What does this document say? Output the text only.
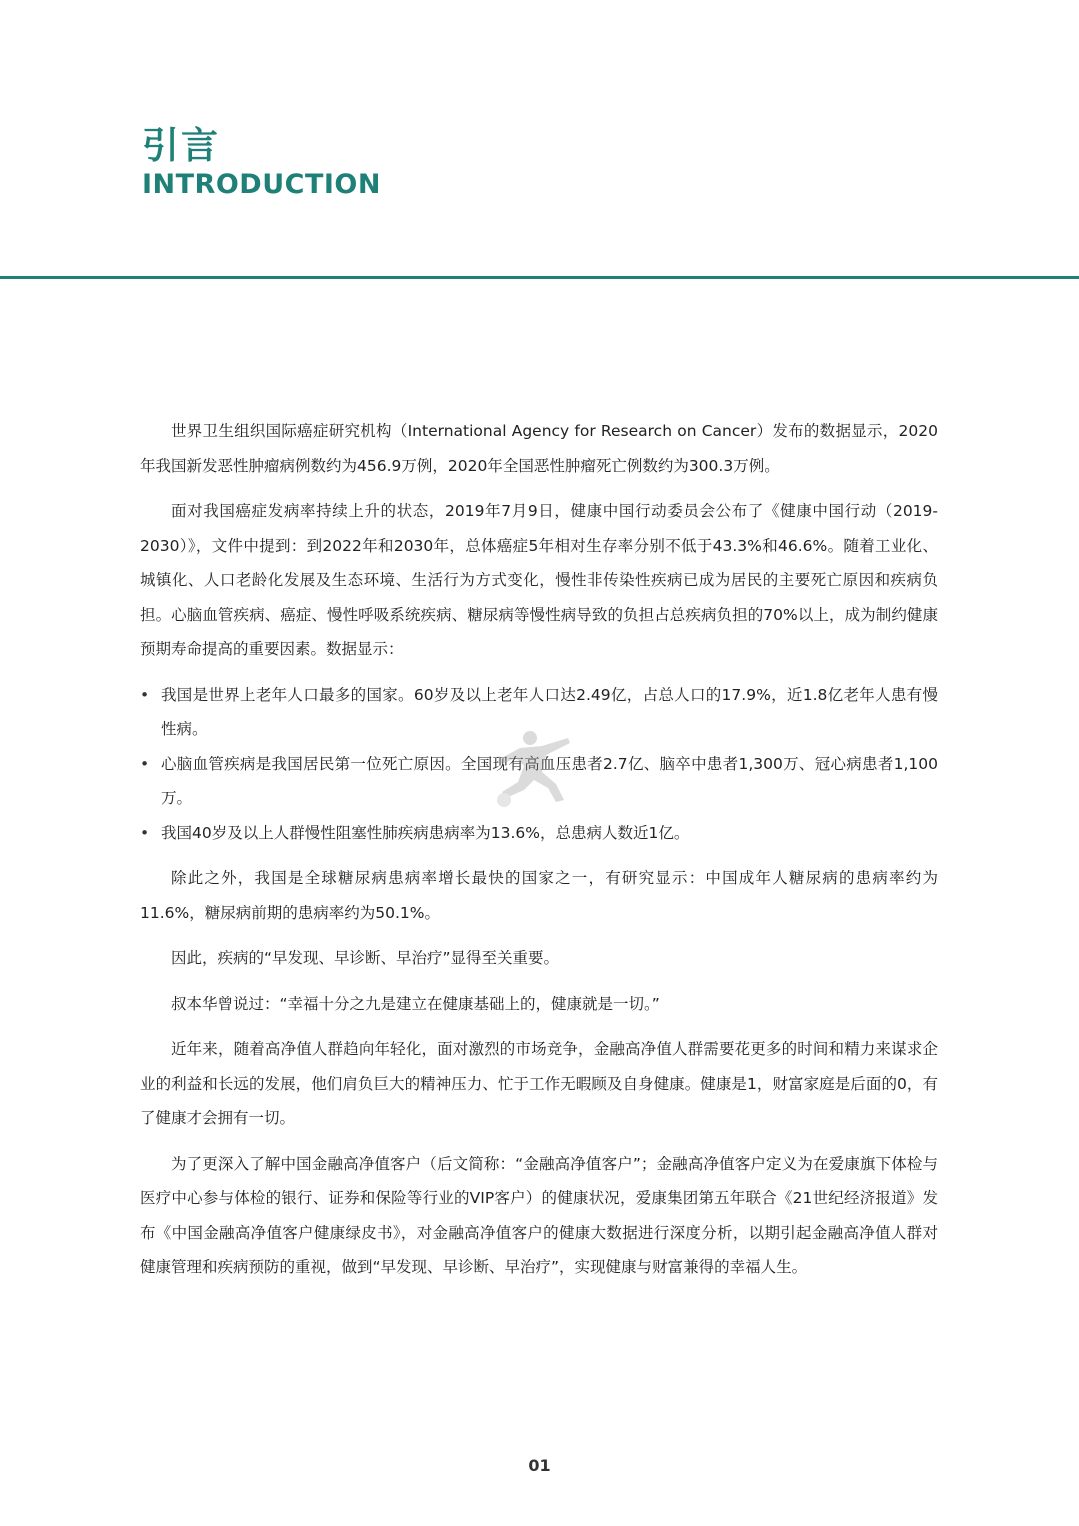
引言
INTRODUCTION

世界卫生组织国际癌症研究机构（International Agency for Research on Cancer）发布的数据显示，2020年我国新发恶性肿瘤病例数约为456.9万例，2020年全国恶性肿瘤死亡例数约为300.3万例。

面对我国癌症发病率持续上升的状态，2019年7月9日，健康中国行动委员会公布了《健康中国行动（2019-2030）》，文件中提到：到2022年和2030年，总体癌症5年相对生存率分别不低于43.3%和46.6%。随着工业化、城镇化、人口老龄化发展及生态环境、生活行为方式变化，慢性非传染性疾病已成为居民的主要死亡原因和疾病负担。心脑血管疾病、癌症、慢性呼吸系统疾病、糖尿病等慢性病导致的负担占总疾病负担的70%以上，成为制约健康预期寿命提高的重要因素。数据显示：

• 我国是世界上老年人口最多的国家。60岁及以上老年人口达2.49亿，占总人口的17.9%，近1.8亿老年人患有慢性病。
• 心脑血管疾病是我国居民第一位死亡原因。全国现有高血压患者2.7亿、脑卒中患者1,300万、冠心病患者1,100万。
• 我国40岁及以上人群慢性阻塞性肺疾病患病率为13.6%，总患病人数近1亿。

除此之外，我国是全球糖尿病患病率增长最快的国家之一，有研究显示：中国成年人糖尿病的患病率约为11.6%，糖尿病前期的患病率约为50.1%。

因此，疾病的“早发现、早诊断、早治疗”显得至关重要。

叔本华曾说过：“幸福十分之九是建立在健康基础上的，健康就是一切。”

近年来，随着高净值人群趋向年轻化，面对激烈的市场竞争，金融高净值人群需要花更多的时间和精力来谋求企业的利益和长远的发展，他们肩负巨大的精神压力、忙于工作无暇顾及自身健康。健康是1，财富家庭是后面的0，有了健康才会拥有一切。

为了更深入了解中国金融高净值客户（后文简称：“金融高净值客户”；金融高净值客户定义为在爱康旗下体检与医疗中心参与体检的银行、证券和保险等行业的VIP客户）的健康状况，爱康集团第五年联合《21世纪经济报道》发布《中国金融高净值客户健康绿皮书》，对金融高净值客户的健康大数据进行深度分析，以期引起金融高净值人群对健康管理和疾病预防的重视，做到“早发现、早诊断、早治疗”，实现健康与财富兼得的幸福人生。

01
